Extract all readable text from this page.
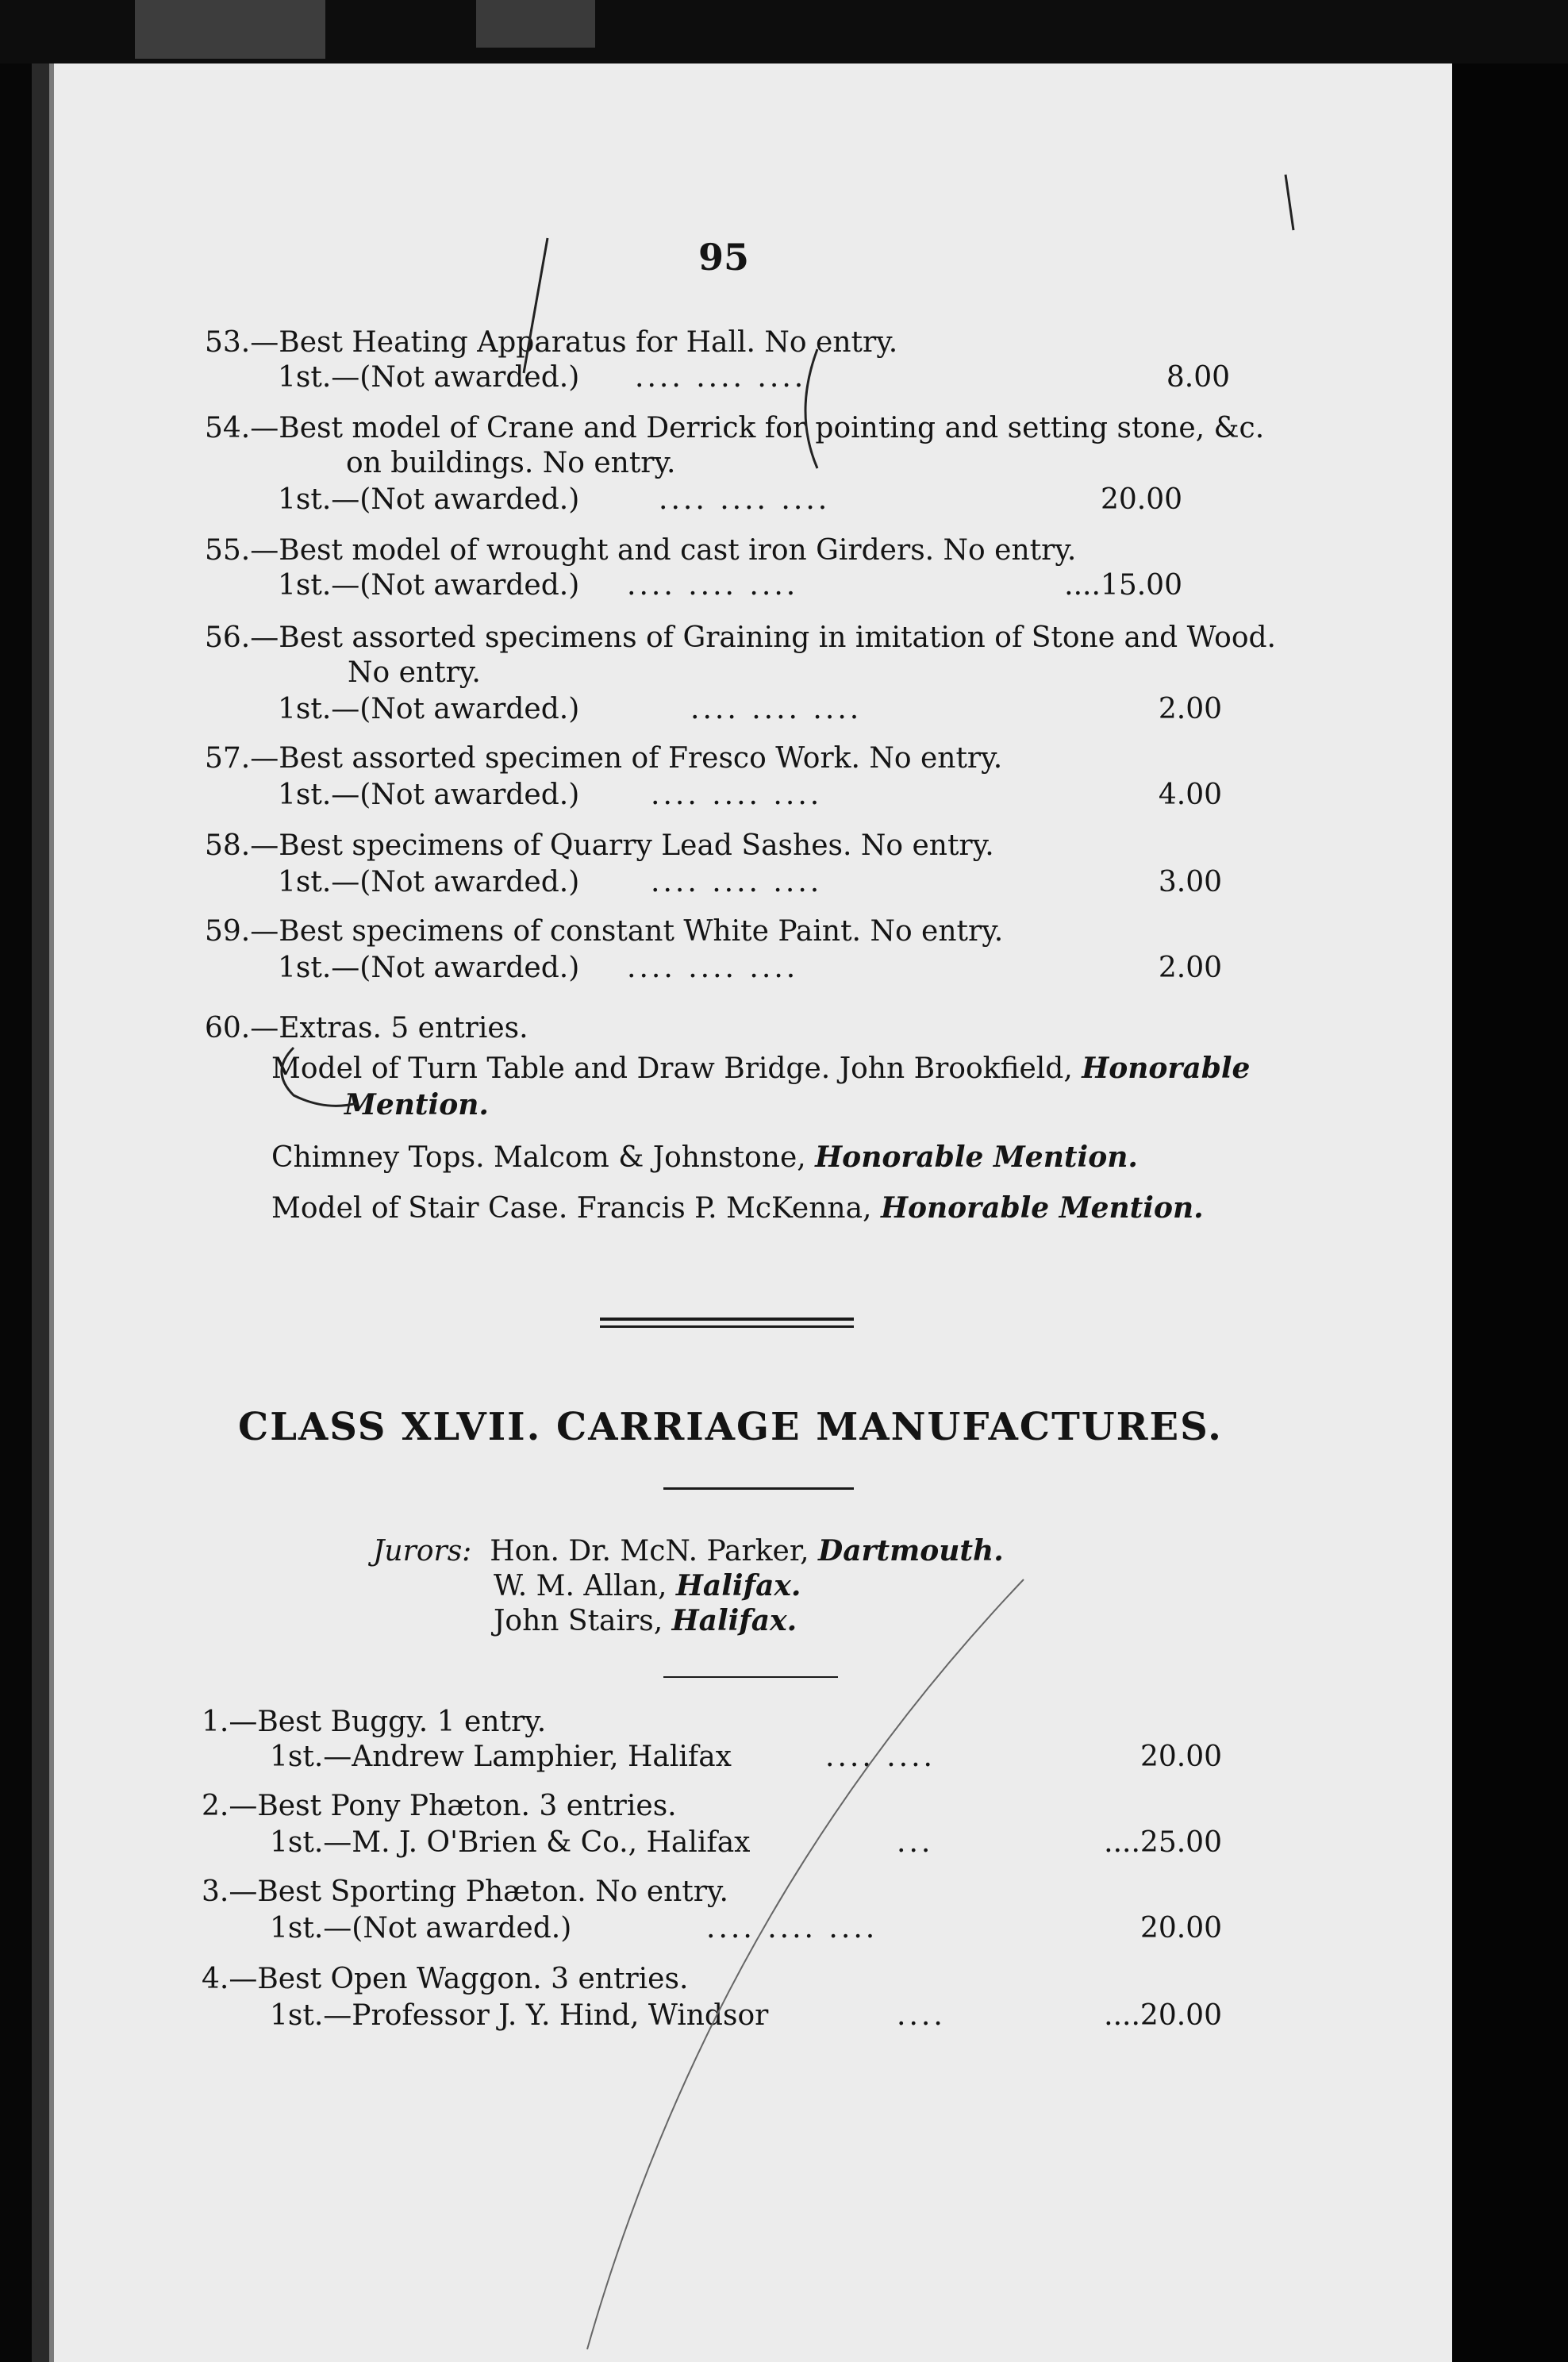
95
53.—Best Heating Apparatus for Hall. No entry.
1st.—(Not awarded.) .... .... ....	8.00
54.—Best model of Crane and Derrick for pointing and setting stone, &c.
on buildings. No entry.
1st.—(Not awarded.)	.... .... ....	20.00
55.—Best model of wrought and cast iron Girders. No entry.
1st.—(Not awarded.) .... .... ....	....15.00
56.—Best assorted specimens of Graining in imitation of Stone and Wood.
No entry.
1st.—(Not awarded.)	.... .... ....	2.00
57.—Best assorted specimen of Fresco Work. No entry.
1st.—(Not awarded.) .... .... ....	4.00
58.—Best specimens of Quarry Lead Sashes. No entry.
1st.—(Not awarded.) .... .... ....	3.00
59.—Best specimens of constant White Paint. No entry.
1st.—(Not awarded.) .... .... ....	2.00
60.—Extras. 5 entries.
Model of Turn Table and Draw Bridge. John Brookfield, Honorable
Mention.
Chimney Tops. Malcom & Johnstone, Honorable Mention.
Model of Stair Case. Francis P. McKenna, Honorable Mention.
CLASS XLVII. CARRIAGE MANUFACTURES.
Jurors: Hon. Dr. McN. Parker, Dartmouth.
W. M. Allan, Halifax.
John Stairs, Halifax.
1.—Best Buggy. 1 entry.
1st.—Andrew Lamphier, Halifax	.... ....	20.00
2.—Best Pony Phæton. 3 entries.
1st.—M. J. O'Brien & Co., Halifax	...	....25.00
3.—Best Sporting Phæton. No entry.
1st.—(Not awarded.)	.... .... ....	20.00
4.—Best Open Waggon. 3 entries.
1st.—Professor J. Y. Hind, Windsor	....	....20.00
